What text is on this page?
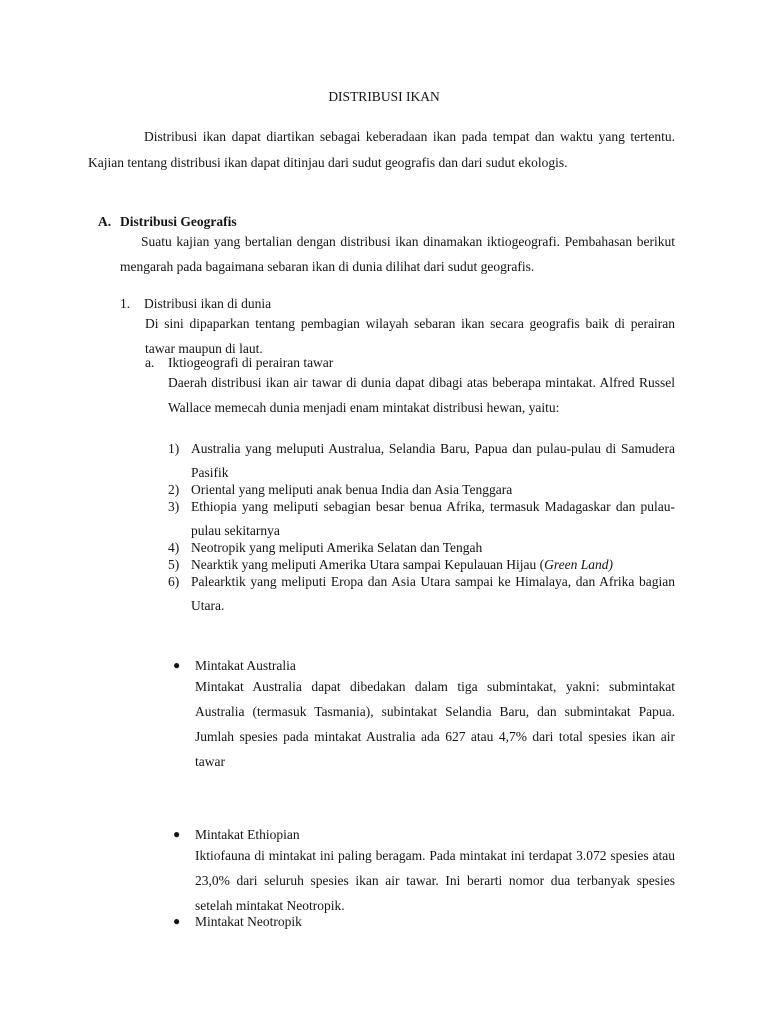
DISTRIBUSI IKAN
Distribusi ikan dapat diartikan sebagai keberadaan ikan pada tempat dan waktu yang tertentu. Kajian tentang distribusi ikan dapat ditinjau dari sudut geografis dan dari sudut ekologis.
A. Distribusi Geografis
Suatu kajian yang bertalian dengan distribusi ikan dinamakan iktiogeografi. Pembahasan berikut mengarah pada bagaimana sebaran ikan di dunia dilihat dari sudut geografis.
1. Distribusi ikan di dunia
Di sini dipaparkan tentang pembagian wilayah sebaran ikan secara geografis baik di perairan tawar maupun di laut.
a. Iktiogeografi di perairan tawar
Daerah distribusi ikan air tawar di dunia dapat dibagi atas beberapa mintakat. Alfred Russel Wallace memecah dunia menjadi enam mintakat distribusi hewan, yaitu:
1) Australia yang meluputi Australua, Selandia Baru, Papua dan pulau-pulau di Samudera Pasifik
2) Oriental yang meliputi anak benua India dan Asia Tenggara
3) Ethiopia yang meliputi sebagian besar benua Afrika, termasuk Madagaskar dan pulau-pulau sekitarnya
4) Neotropik yang meliputi Amerika Selatan dan Tengah
5) Nearktik yang meliputi Amerika Utara sampai Kepulauan Hijau (Green Land)
6) Palearktik yang meliputi Eropa dan Asia Utara sampai ke Himalaya, dan Afrika bagian Utara.
●	Mintakat Australia
Mintakat Australia dapat dibedakan dalam tiga submintakat, yakni: submintakat Australia (termasuk Tasmania), subintakat Selandia Baru, dan submintakat Papua. Jumlah spesies pada mintakat Australia ada 627 atau 4,7% dari total spesies ikan air tawar
●	Mintakat Ethiopian
Iktiofauna di mintakat ini paling beragam. Pada mintakat ini terdapat 3.072 spesies atau 23,0% dari seluruh spesies ikan air tawar. Ini berarti nomor dua terbanyak spesies setelah mintakat Neotropik.
●	Mintakat Neotropik
